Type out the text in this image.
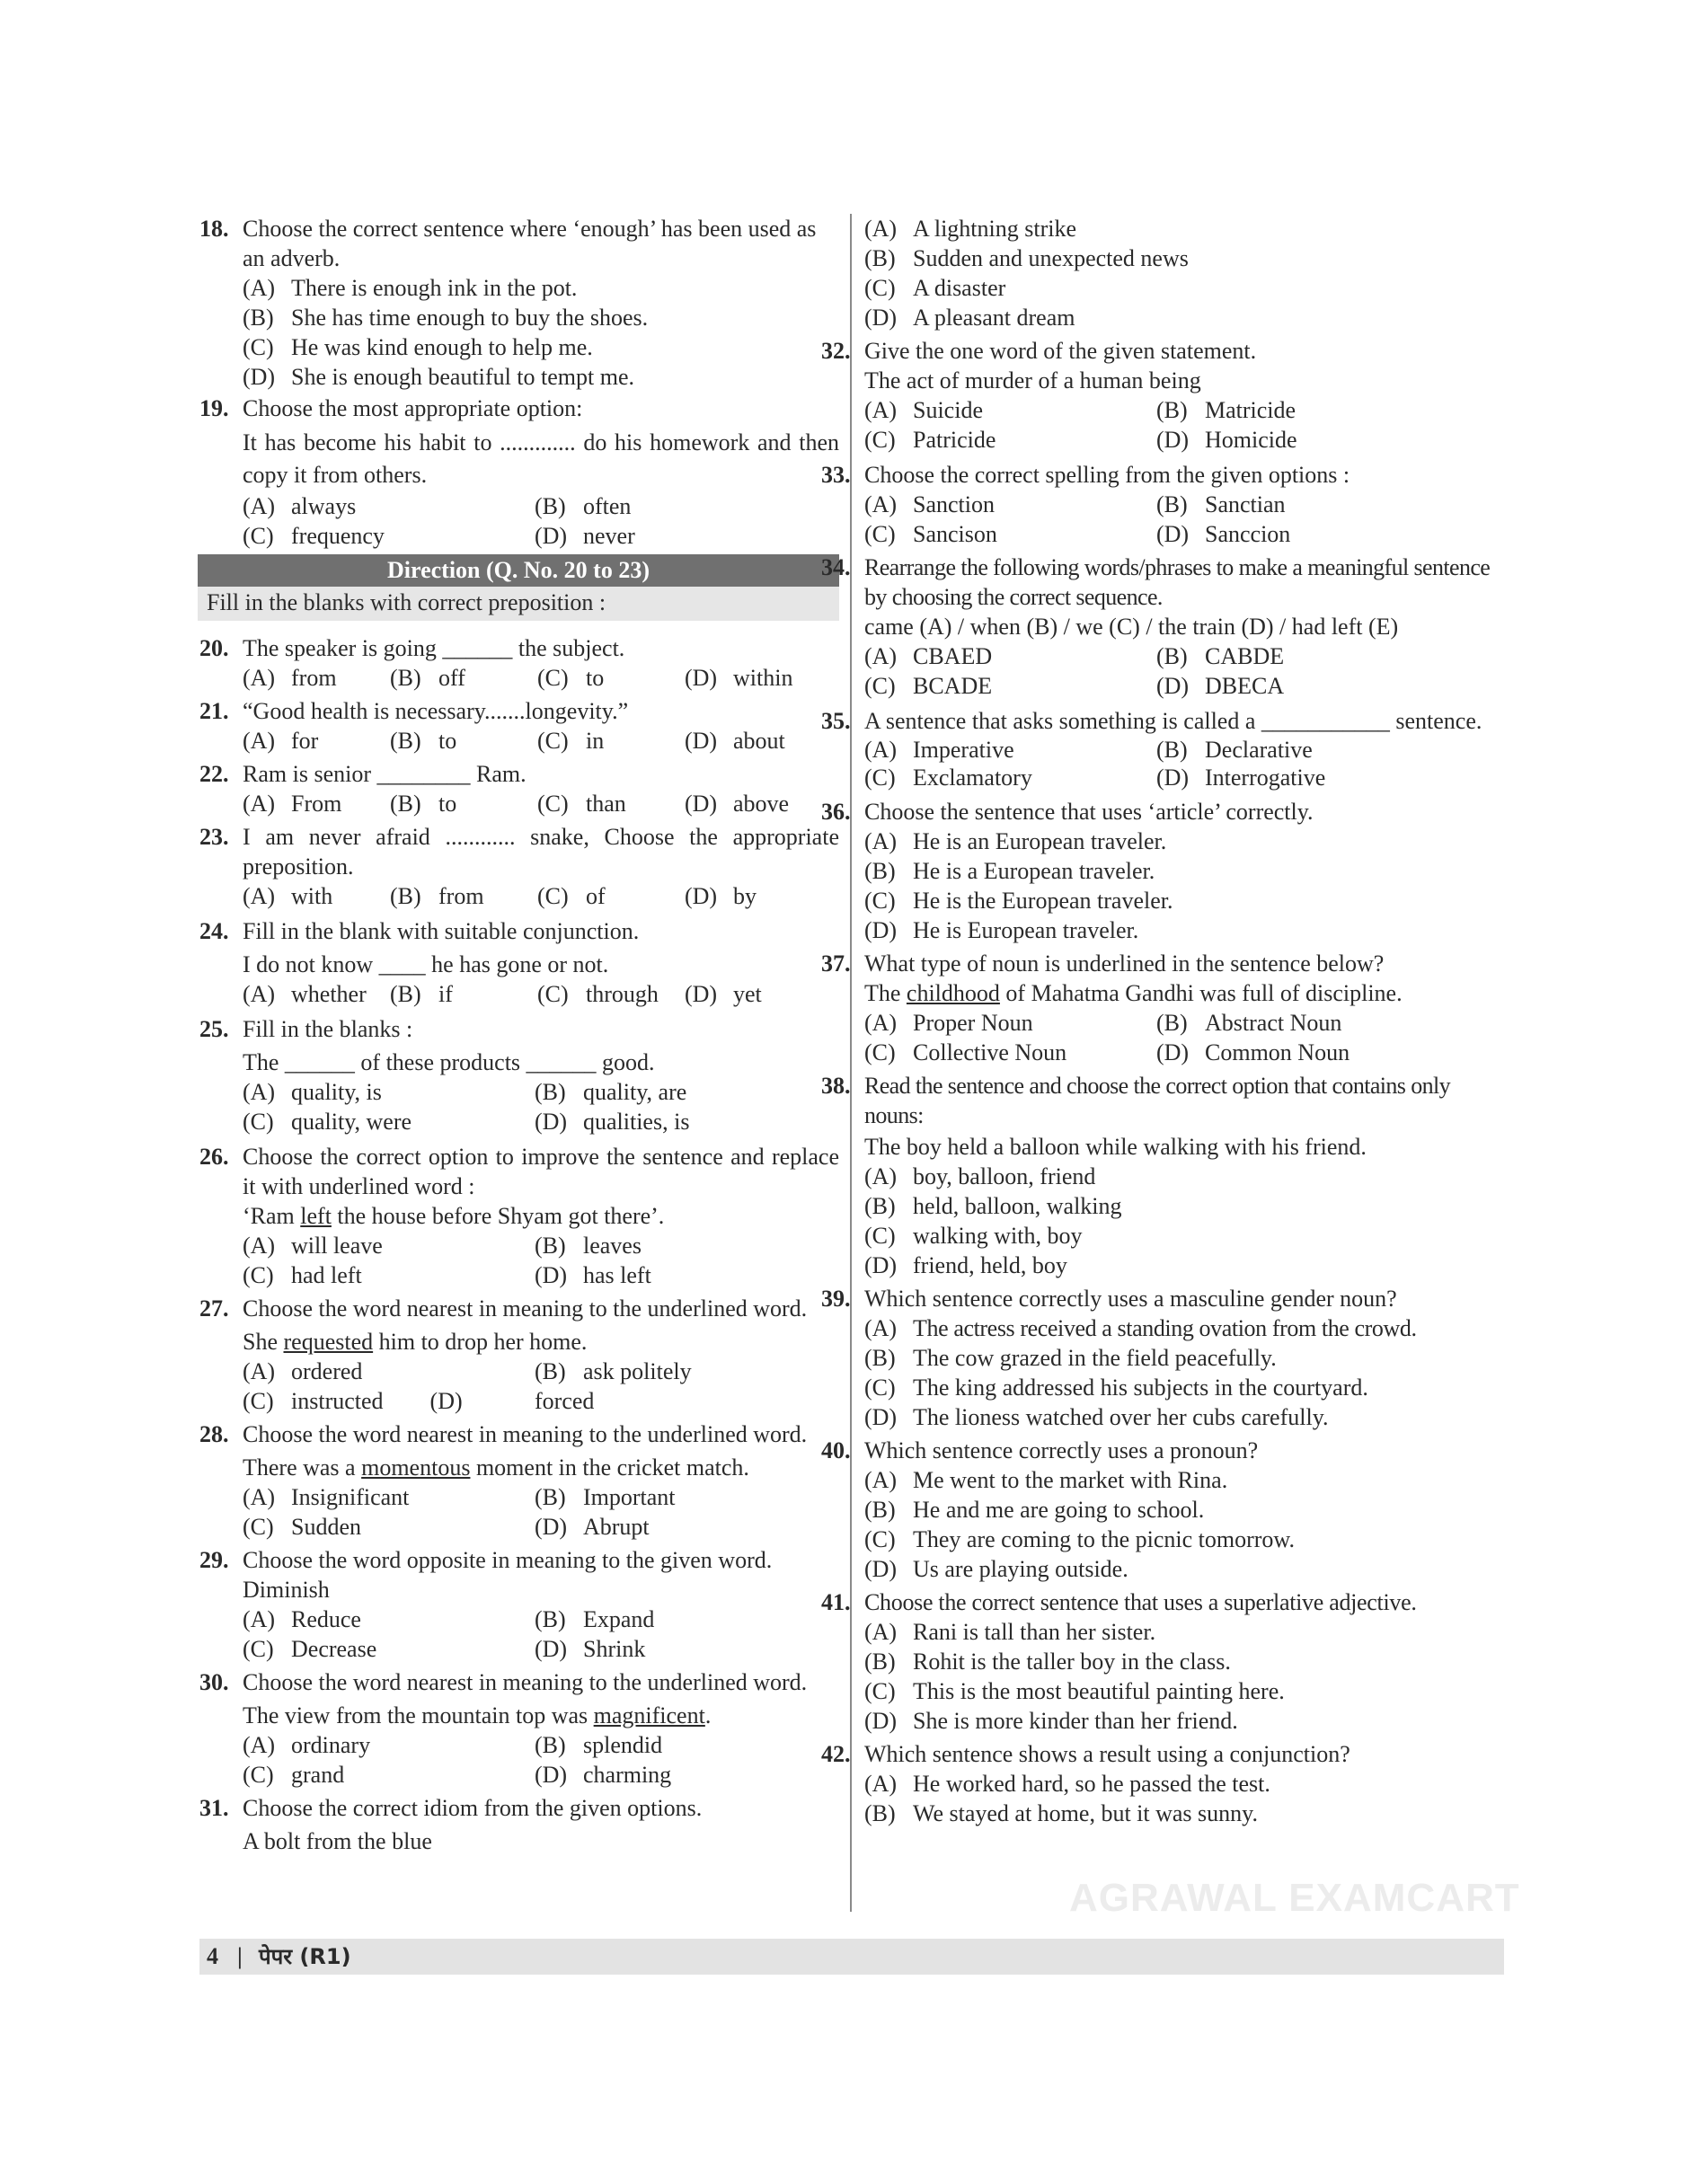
AGRAWAL EXAMCART
18. Choose the correct sentence where ‘enough’ has been used as an adverb.
(A) There is enough ink in the pot.
(B) She has time enough to buy the shoes.
(C) He was kind enough to help me.
(D) She is enough beautiful to tempt me.
19. Choose the most appropriate option:
It has become his habit to ............. do his homework and then copy it from others.
(A) always	(B) often
(C) frequency	(D) never
Direction (Q. No. 20 to 23)
Fill in the blanks with correct preposition :
20. The speaker is going ______ the subject.
(A) from (B) off	(C) to	(D) within
21. “Good health is necessary.......longevity.”
(A) for	(B) to	(C) in	(D) about
22. Ram is senior ________ Ram.
(A) From (B) to	(C) than	(D) above
23. I am never afraid ............ snake, Choose the appropriate preposition.
(A) with (B) from (C) of	(D) by
24. Fill in the blank with suitable conjunction.
I do not know ____ he has gone or not.
(A) whether (B) if	(C) through (D) yet
25. Fill in the blanks :
The ______ of these products ______ good.
(A) quality, is	(B) quality, are
(C) quality, were	(D) qualities, is
26. Choose the correct option to improve the sentence and replace it with underlined word :
‘Ram left the house before Shyam got there’.
(A) will leave	(B) leaves
(C) had left	(D) has left
27. Choose the word nearest in meaning to the underlined word.
She requested him to drop her home.
(A) ordered	(B) ask politely
(C) instructed (D)	forced
28. Choose the word nearest in meaning to the underlined word.
There was a momentous moment in the cricket match.
(A) Insignificant	(B) Important
(C) Sudden	(D) Abrupt
29. Choose the word opposite in meaning to the given word.
Diminish
(A) Reduce	(B) Expand
(C) Decrease	(D) Shrink
30. Choose the word nearest in meaning to the underlined word.
The view from the mountain top was magnificent.
(A) ordinary	(B) splendid
(C) grand	(D) charming
31. Choose the correct idiom from the given options.
A bolt from the blue
(A) A lightning strike
(B) Sudden and unexpected news
(C) A disaster
(D) A pleasant dream
32. Give the one word of the given statement.
The act of murder of a human being
(A) Suicide	(B) Matricide
(C) Patricide	(D) Homicide
33. Choose the correct spelling from the given options :
(A) Sanction	(B) Sanctian
(C) Sancison	(D) Sanccion
34. Rearrange the following words/phrases to make a meaningful sentence by choosing the correct sequence.
came (A) / when (B) / we (C) / the train (D) / had left (E)
(A) CBAED	(B) CABDE
(C) BCADE	(D) DBECA
35. A sentence that asks something is called a ___________ sentence.
(A) Imperative	(B) Declarative
(C) Exclamatory	(D) Interrogative
36. Choose the sentence that uses ‘article’ correctly.
(A) He is an European traveler.
(B) He is a European traveler.
(C) He is the European traveler.
(D) He is European traveler.
37. What type of noun is underlined in the sentence below?
The childhood of Mahatma Gandhi was full of discipline.
(A) Proper Noun	(B) Abstract Noun
(C) Collective Noun	(D) Common Noun
38. Read the sentence and choose the correct option that contains only nouns:
The boy held a balloon while walking with his friend.
(A) boy, balloon, friend
(B) held, balloon, walking
(C) walking with, boy
(D) friend, held, boy
39. Which sentence correctly uses a masculine gender noun?
(A) The actress received a standing ovation from the crowd.
(B) The cow grazed in the field peacefully.
(C) The king addressed his subjects in the courtyard.
(D) The lioness watched over her cubs carefully.
40. Which sentence correctly uses a pronoun?
(A) Me went to the market with Rina.
(B) He and me are going to school.
(C) They are coming to the picnic tomorrow.
(D) Us are playing outside.
41. Choose the correct sentence that uses a superlative adjective.
(A) Rani is tall than her sister.
(B) Rohit is the taller boy in the class.
(C) This is the most beautiful painting here.
(D) She is more kinder than her friend.
42. Which sentence shows a result using a conjunction?
(A) He worked hard, so he passed the test.
(B) We stayed at home, but it was sunny.
4 | पेपर (R1)
